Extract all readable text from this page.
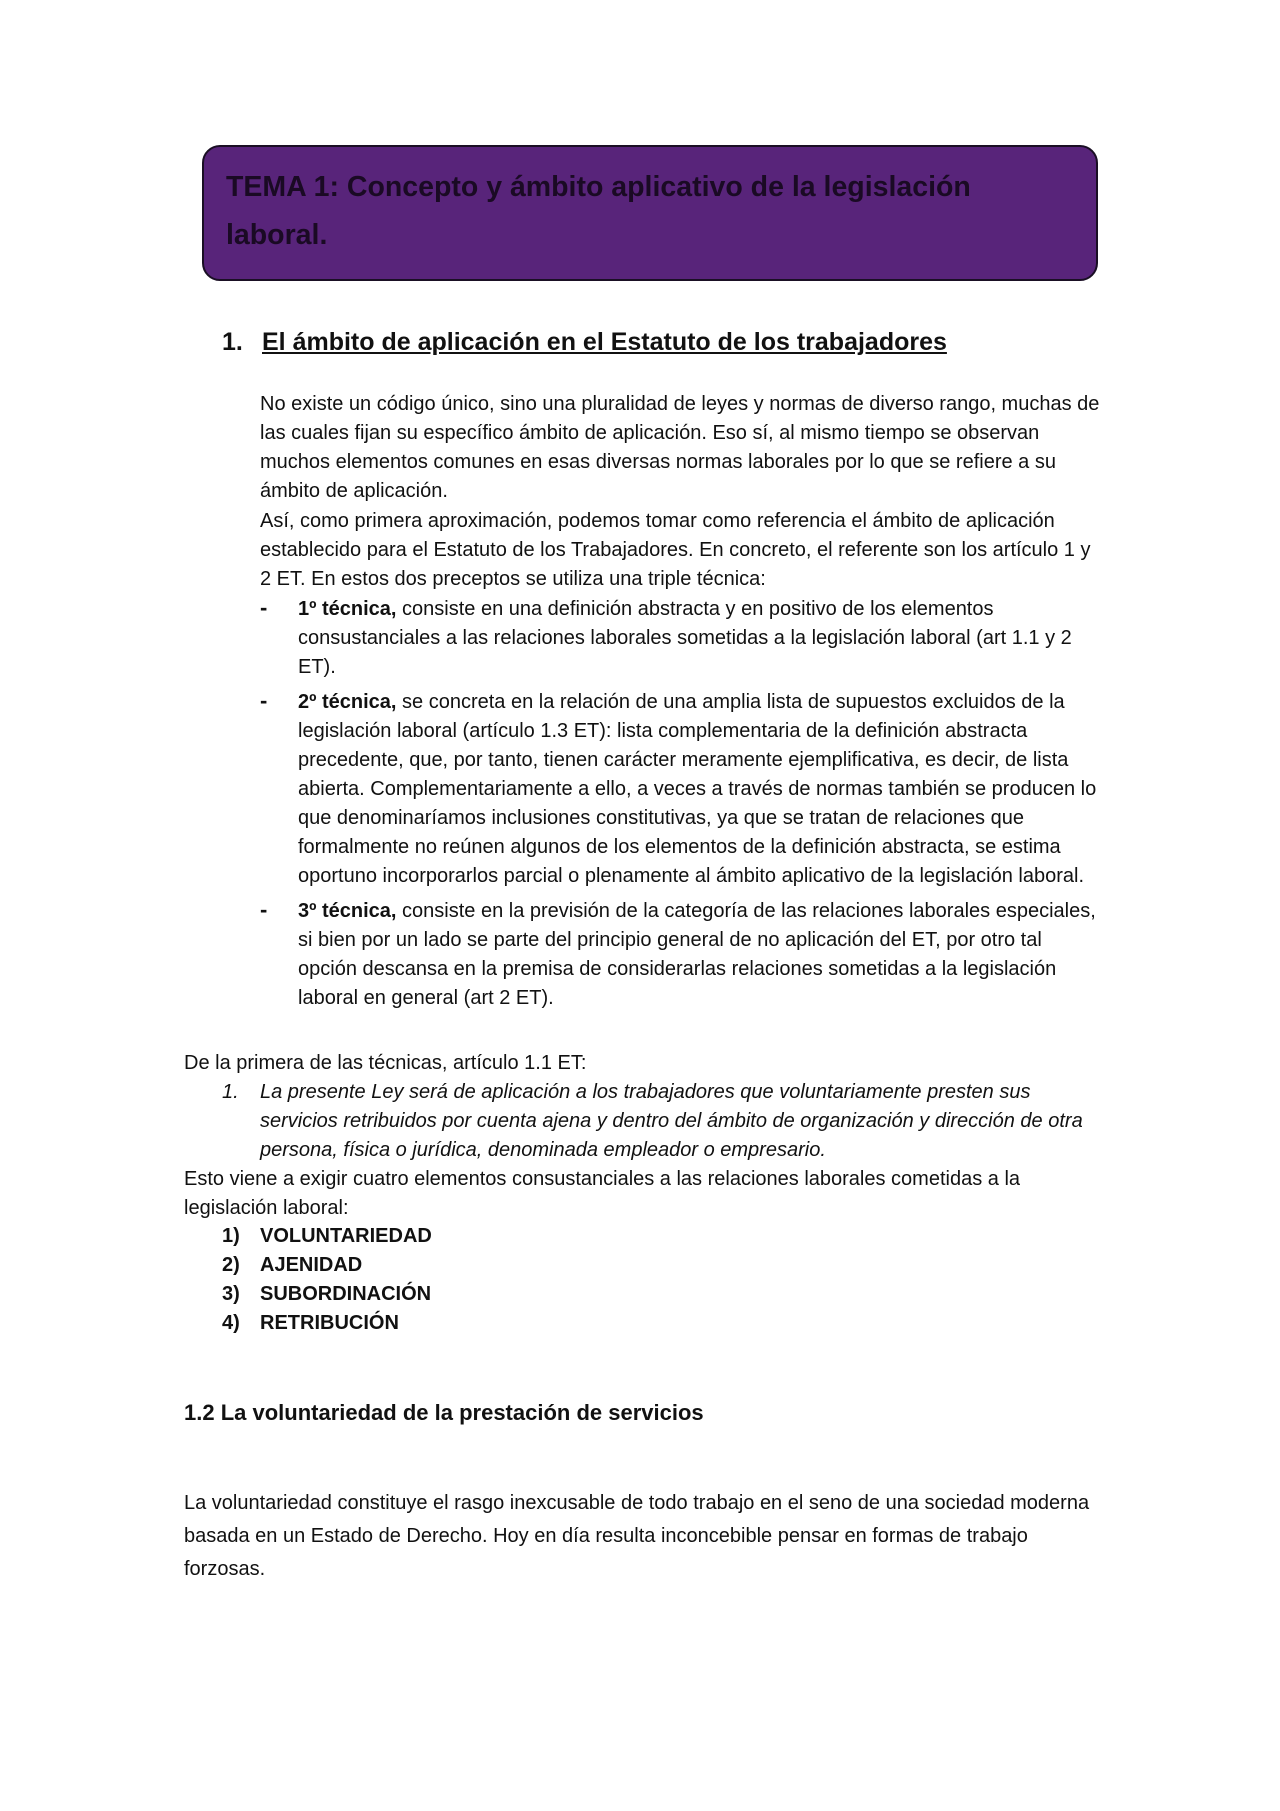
TEMA 1: Concepto y ámbito aplicativo de la legislación laboral.
1. El ámbito de aplicación en el Estatuto de los trabajadores

No existe un código único, sino una pluralidad de leyes y normas de diverso rango, muchas de las cuales fijan su específico ámbito de aplicación. Eso sí, al mismo tiempo se observan muchos elementos comunes en esas diversas normas laborales por lo que se refiere a su ámbito de aplicación.

Así, como primera aproximación, podemos tomar como referencia el ámbito de aplicación establecido para el Estatuto de los Trabajadores. En concreto, el referente son los artículo 1 y 2 ET. En estos dos preceptos se utiliza una triple técnica:

- 1º técnica, consiste en una definición abstracta y en positivo de los elementos consustanciales a las relaciones laborales sometidas a la legislación laboral (art 1.1 y 2 ET).
- 2º técnica, se concreta en la relación de una amplia lista de supuestos excluidos de la legislación laboral (artículo 1.3 ET): lista complementaria de la definición abstracta precedente, que, por tanto, tienen carácter meramente ejemplificativa, es decir, de lista abierta. Complementariamente a ello, a veces a través de normas también se producen lo que denominaríamos inclusiones constitutivas, ya que se tratan de relaciones que formalmente no reúnen algunos de los elementos de la definición abstracta, se estima oportuno incorporarlos parcial o plenamente al ámbito aplicativo de la legislación laboral.
- 3º técnica, consiste en la previsión de la categoría de las relaciones laborales especiales, si bien por un lado se parte del principio general de no aplicación del ET, por otro tal opción descansa en la premisa de considerarlas relaciones sometidas a la legislación laboral en general (art 2 ET).

De la primera de las técnicas, artículo 1.1 ET:

1. La presente Ley será de aplicación a los trabajadores que voluntariamente presten sus servicios retribuidos por cuenta ajena y dentro del ámbito de organización y dirección de otra persona, física o jurídica, denominada empleador o empresario.

Esto viene a exigir cuatro elementos consustanciales a las relaciones laborales cometidas a la legislación laboral:

1) VOLUNTARIEDAD
2) AJENIDAD
3) SUBORDINACIÓN
4) RETRIBUCIÓN
1.2 La voluntariedad de la prestación de servicios

La voluntariedad constituye el rasgo inexcusable de todo trabajo en el seno de una sociedad moderna basada en un Estado de Derecho. Hoy en día resulta inconcebible pensar en formas de trabajo forzosas.
